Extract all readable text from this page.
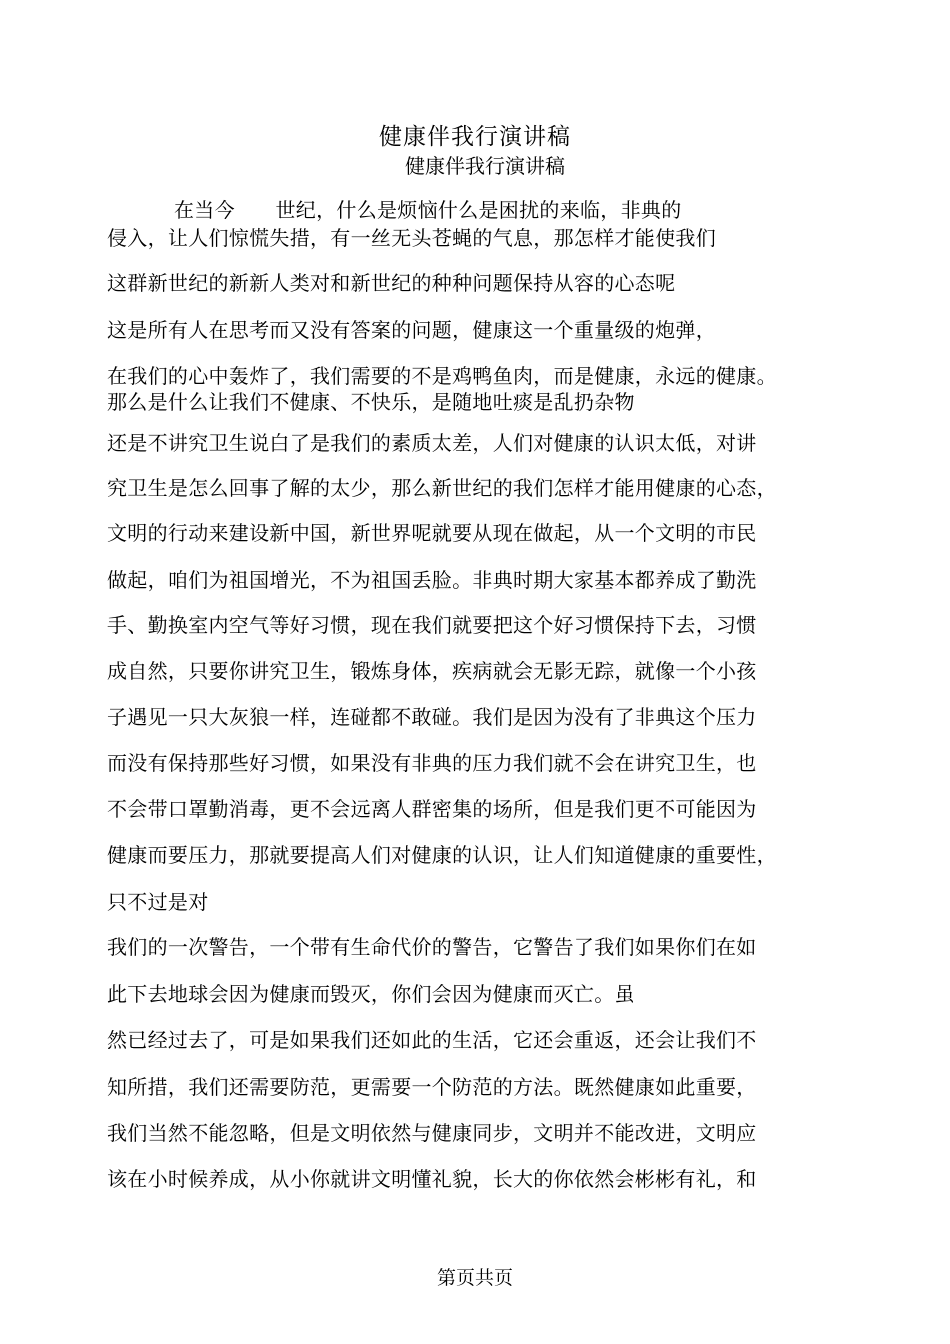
健康伴我行演讲稿
健康伴我行演讲稿
在当今　　世纪，什么是烦恼什么是困扰的来临，非典的
侵入，让人们惊慌失措，有一丝无头苍蝇的气息，那怎样才能使我们
这群新世纪的新新人类对和新世纪的种种问题保持从容的心态呢
这是所有人在思考而又没有答案的问题，健康这一个重量级的炮弹，
在我们的心中轰炸了，我们需要的不是鸡鸭鱼肉，而是健康，永远的健康。
那么是什么让我们不健康、不快乐，是随地吐痰是乱扔杂物
还是不讲究卫生说白了是我们的素质太差，人们对健康的认识太低，对讲
究卫生是怎么回事了解的太少，那么新世纪的我们怎样才能用健康的心态，
文明的行动来建设新中国，新世界呢就要从现在做起，从一个文明的市民
做起，咱们为祖国增光，不为祖国丢脸。非典时期大家基本都养成了勤洗
手、勤换室内空气等好习惯，现在我们就要把这个好习惯保持下去，习惯
成自然，只要你讲究卫生，锻炼身体，疾病就会无影无踪，就像一个小孩
子遇见一只大灰狼一样，连碰都不敢碰。我们是因为没有了非典这个压力
而没有保持那些好习惯，如果没有非典的压力我们就不会在讲究卫生，也
不会带口罩勤消毒，更不会远离人群密集的场所，但是我们更不可能因为
健康而要压力，那就要提高人们对健康的认识，让人们知道健康的重要性，
只不过是对
我们的一次警告，一个带有生命代价的警告，它警告了我们如果你们在如
此下去地球会因为健康而毁灭，你们会因为健康而灭亡。虽
然已经过去了，可是如果我们还如此的生活，它还会重返，还会让我们不
知所措，我们还需要防范，更需要一个防范的方法。既然健康如此重要，
我们当然不能忽略，但是文明依然与健康同步，文明并不能改进，文明应
该在小时候养成，从小你就讲文明懂礼貌，长大的你依然会彬彬有礼，和
第页共页
